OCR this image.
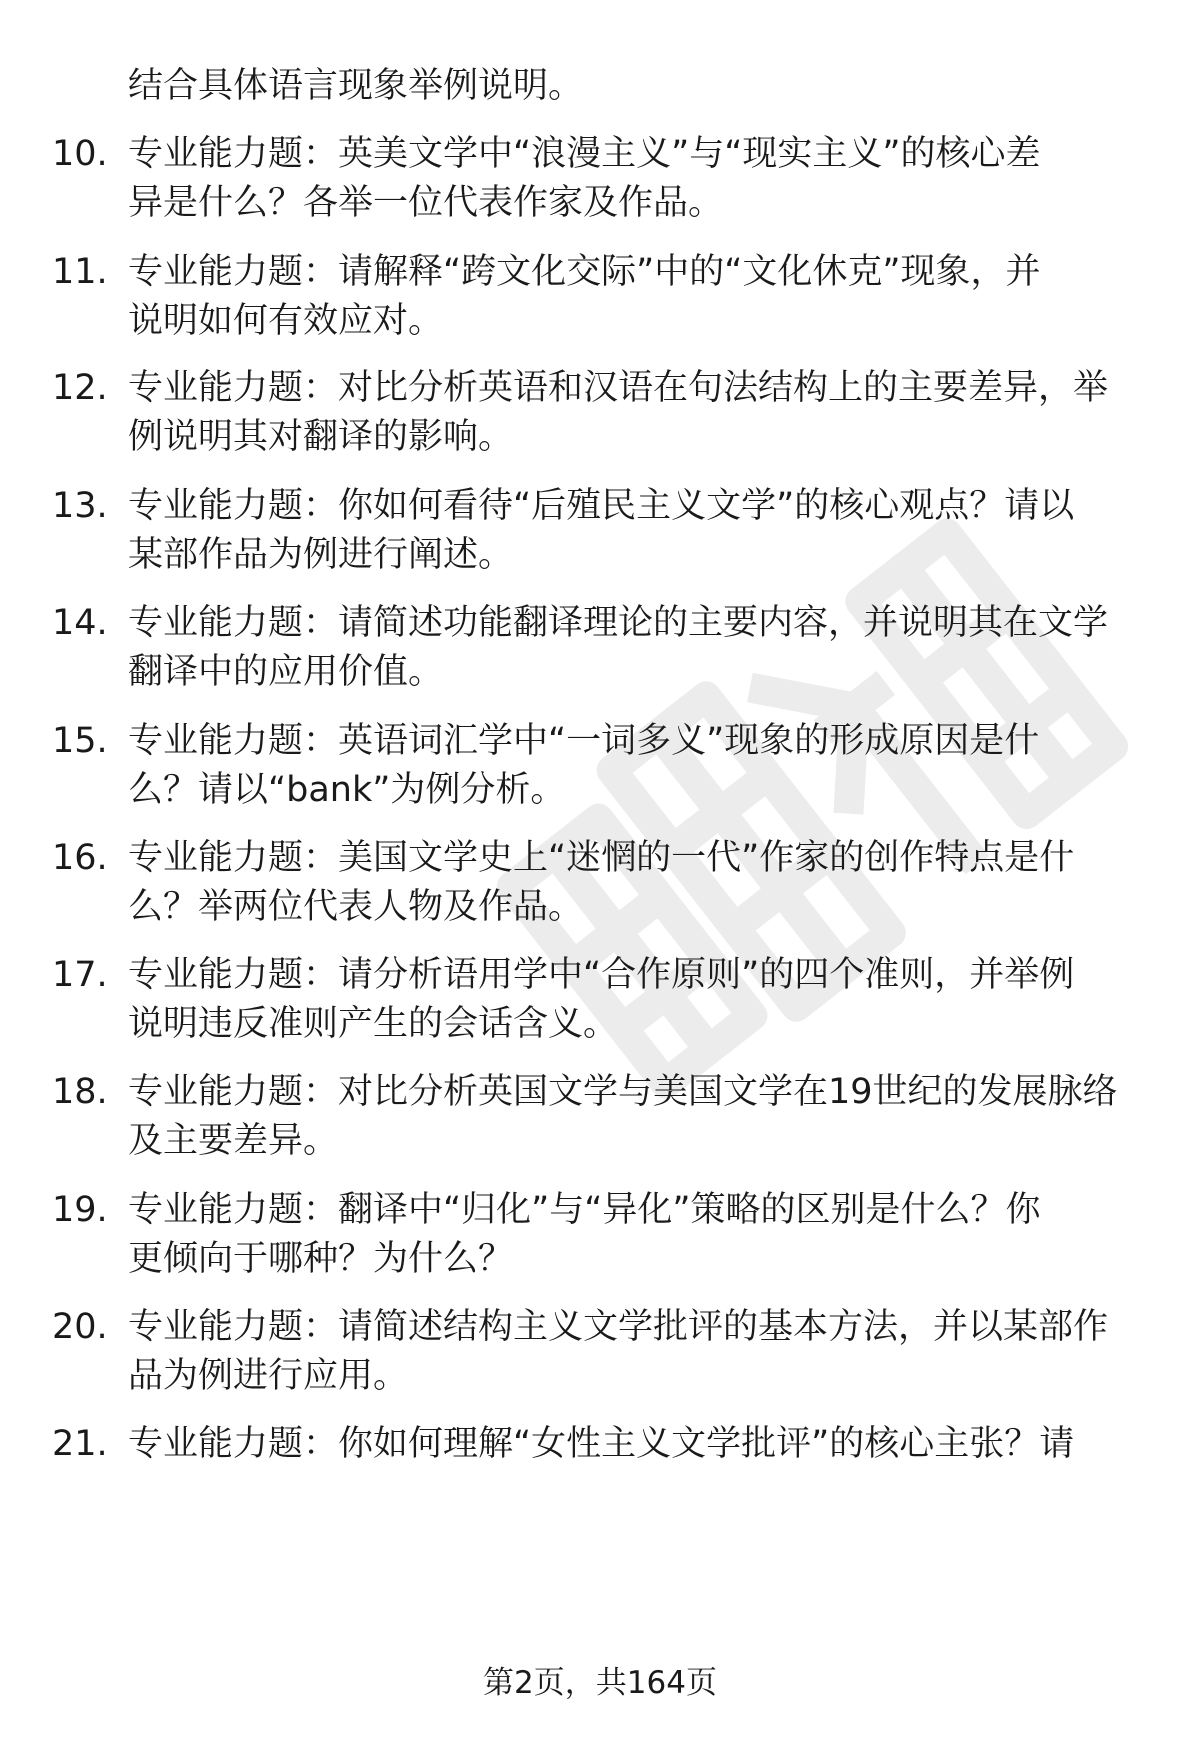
结合具体语言现象举例说明。
10. 专业能力题：英美文学中“浪漫主义”与“现实主义”的核心差
异是什么？各举一位代表作家及作品。
11. 专业能力题：请解释“跨文化交际”中的“文化休克”现象，并
说明如何有效应对。
12. 专业能力题：对比分析英语和汉语在句法结构上的主要差异，举
例说明其对翻译的影响。
13. 专业能力题：你如何看待“后殖民主义文学”的核心观点？请以
某部作品为例进行阐述。
14. 专业能力题：请简述功能翻译理论的主要内容，并说明其在文学
翻译中的应用价值。
15. 专业能力题：英语词汇学中“一词多义”现象的形成原因是什
么？请以“bank”为例分析。
16. 专业能力题：美国文学史上“迷惘的一代”作家的创作特点是什
么？举两位代表人物及作品。
17. 专业能力题：请分析语用学中“合作原则”的四个准则，并举例
说明违反准则产生的会话含义。
18. 专业能力题：对比分析英国文学与美国文学在19世纪的发展脉络
及主要差异。
19. 专业能力题：翻译中“归化”与“异化”策略的区别是什么？你
更倾向于哪种？为什么？
20. 专业能力题：请简述结构主义文学批评的基本方法，并以某部作
品为例进行应用。
21. 专业能力题：你如何理解“女性主义文学批评”的核心主张？请
第2页，共164页
